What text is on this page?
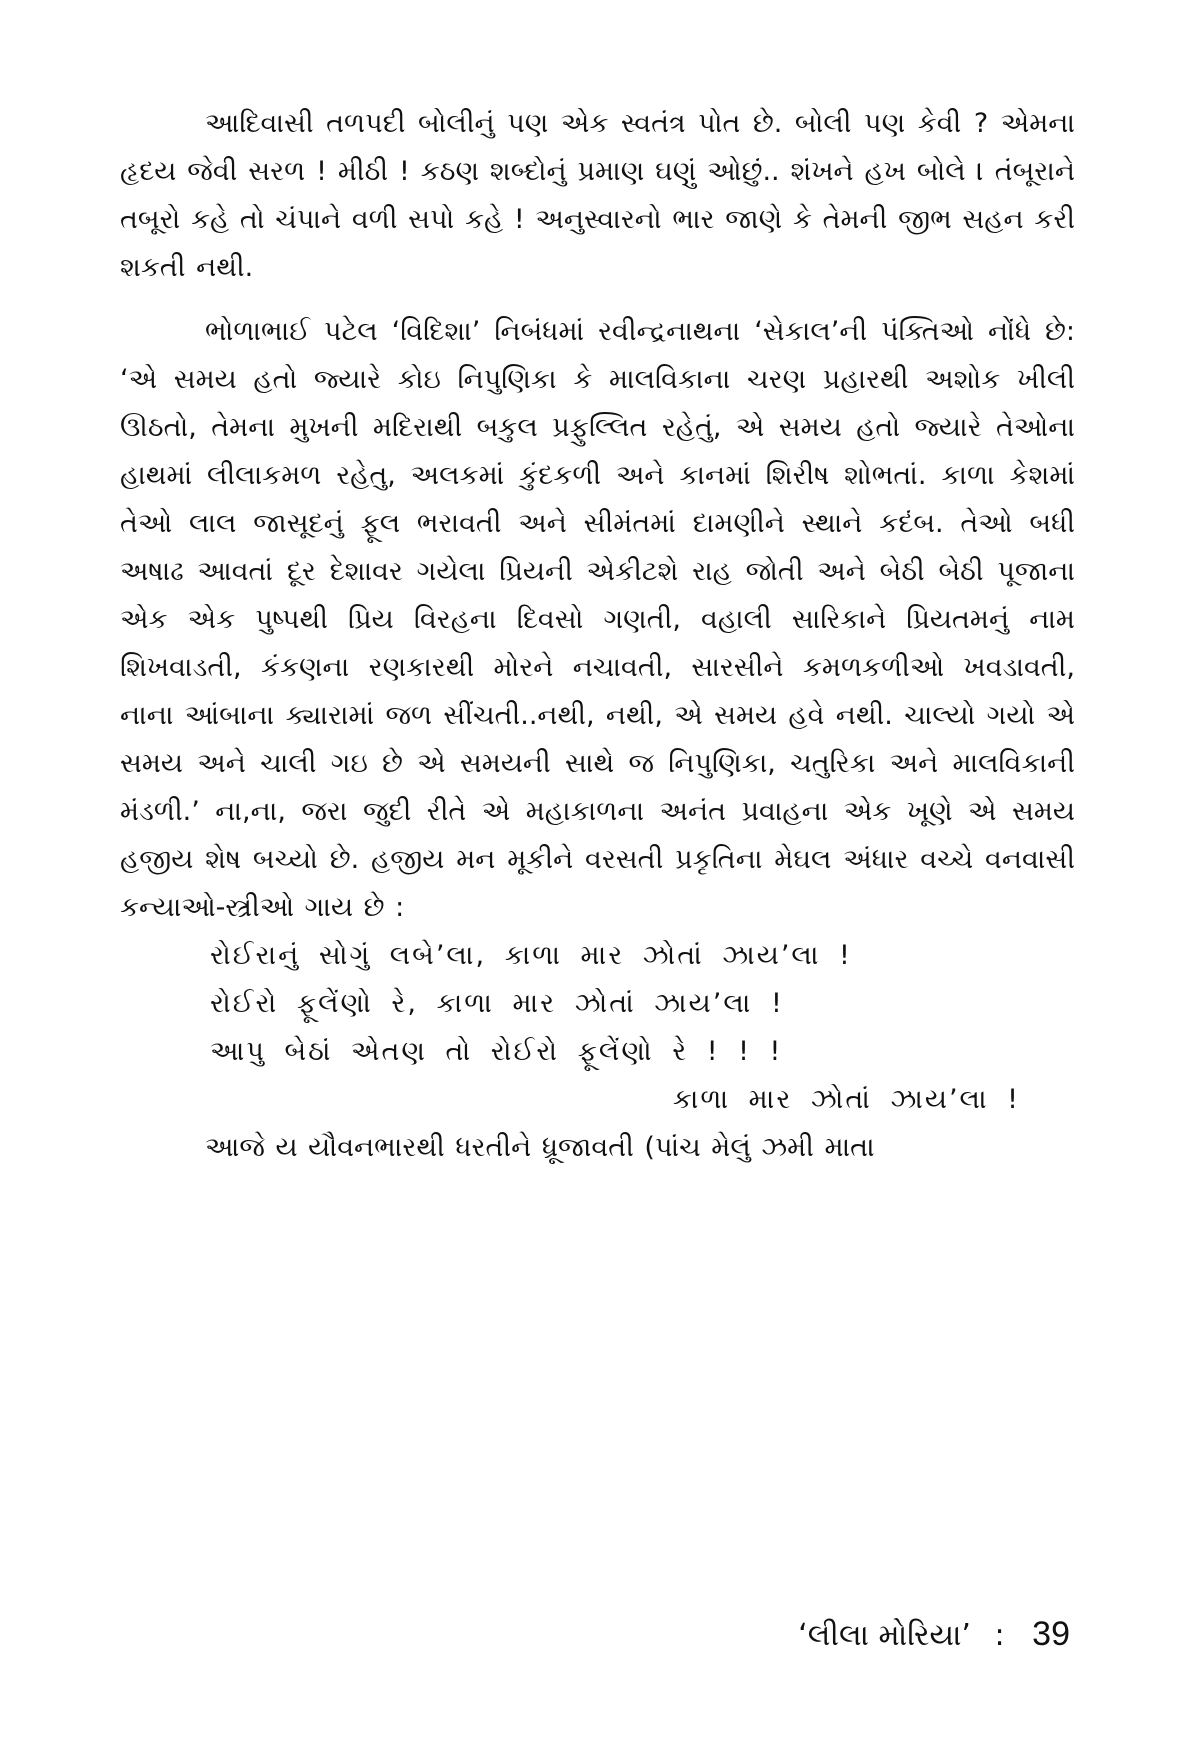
આદિવાસી તળપદી બોલીનું પણ એક સ્વતંત્ર પોત છે. બોલી પણ કેવી ? એમના હૃદય જેવી સરળ ! મીઠી ! કઠણ શબ્દોનું પ્રમાણ ઘણું ઓછું.. શંખને હખ બોલે । તંબૂરાને તબૂરો કહે તો ચંપાને વળી સપો કહે ! અનુસ્વારનો ભાર જાણે કે તેમની જીભ સહન કરી શકતી નથી.

ભોળાભાઈ પટેલ ‘વિદિશા’ નિબંધમાં રવીન્દ્રનાથના ‘સેકાલ’ની પંક્તિઓ નોંધે છે: ‘એ સમય હતો જ્યારે કોઇ નિપુણિકા કે માલવિકાના ચરણ પ્રહારથી અશોક ખીલી ઊઠતો, તેમના મુખની મદિરાથી બકુલ પ્રફુલ્લિત રહેતું, એ સમય હતો જ્યારે તેઓના હાથમાં લીલાકમળ રહેતુ, અલકમાં કુંદકળી અને કાનમાં શિરીષ શોભતાં. કાળા કેશમાં તેઓ લાલ જાસૂદનું ફૂલ ભરાવતી અને સીમંતમાં દામણીને સ્થાને કદંબ. તેઓ બધી અષાઢ આવતાં દૂર દેશાવર ગયેલા પ્રિયની એકીટશે રાહ જોતી અને બેઠી બેઠી પૂજાના એક એક પુષ્પથી પ્રિય વિરહના દિવસો ગણતી, વહાલી સારિકાને પ્રિયતમનું નામ શિખવાડતી, કંકણના રણકારથી મોરને નચાવતી, સારસીને કમળકળીઓ ખવડાવતી, નાના આંબાના ક્યારામાં જળ સીંચતી..નથી, નથી, એ સમય હવે નથી. ચાલ્યો ગયો એ સમય અને ચાલી ગઇ છે એ સમયની સાથે જ નિપુણિકા, ચતુરિકા અને માલવિકાની મંડળી.’ ના,ના, જરા જુદી રીતે એ મહાકાળના અનંત પ્રવાહના એક ખૂણે એ સમય હજીય શેષ બચ્યો છે. હજીય મન મૂકીને વરસતી પ્રકૃતિના મેઘલ અંધાર વચ્ચે વનવાસી કન્યાઓ-સ્ત્રીઓ ગાય છે :

રોઈરાનું સોગું લબે’લા, કાળા માર ઝોતાં ઝાય’લા !

રોઈરો ફૂલેંણો રે, કાળા માર ઝોતાં ઝાય’લા !

આપુ બેઠાં એતણ તો રોઈરો ફૂલેંણો રે ! ! !

કાળા માર ઝોતાં ઝાય’લા !

આજે ય યૌવનભારથી ધરતીને ધ્રૂજાવતી (પાંચ મેલું ઝમી માતા

‘લીલા મોરિયા’ : 39
